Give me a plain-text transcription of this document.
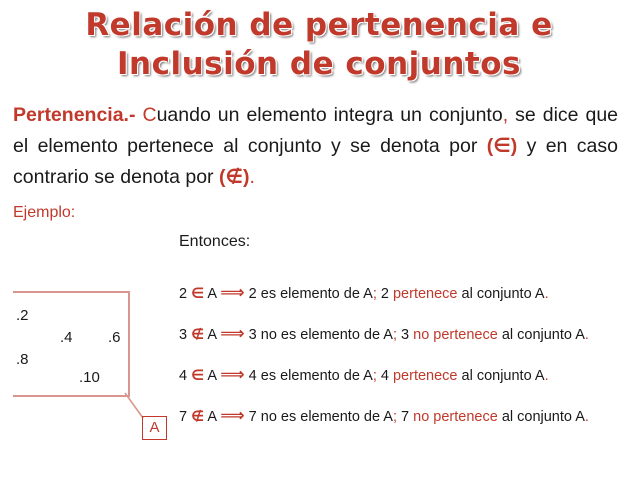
Relación de pertenencia e
Inclusión de conjuntos
Pertenencia.- Cuando un elemento integra un conjunto, se dice que el elemento pertenece al conjunto y se denota por (∈) y en caso contrario se denota por (∉).
Ejemplo:
Entonces:
.2
.4 .6
.8
.10
A
2 ∈ A ⟹ 2 es elemento de A; 2 pertenece al conjunto A.
3 ∉ A ⟹ 3 no es elemento de A; 3 no pertenece al conjunto A.
4 ∈ A ⟹ 4 es elemento de A; 4 pertenece al conjunto A.
7 ∉ A ⟹ 7 no es elemento de A; 7 no pertenece al conjunto A.
